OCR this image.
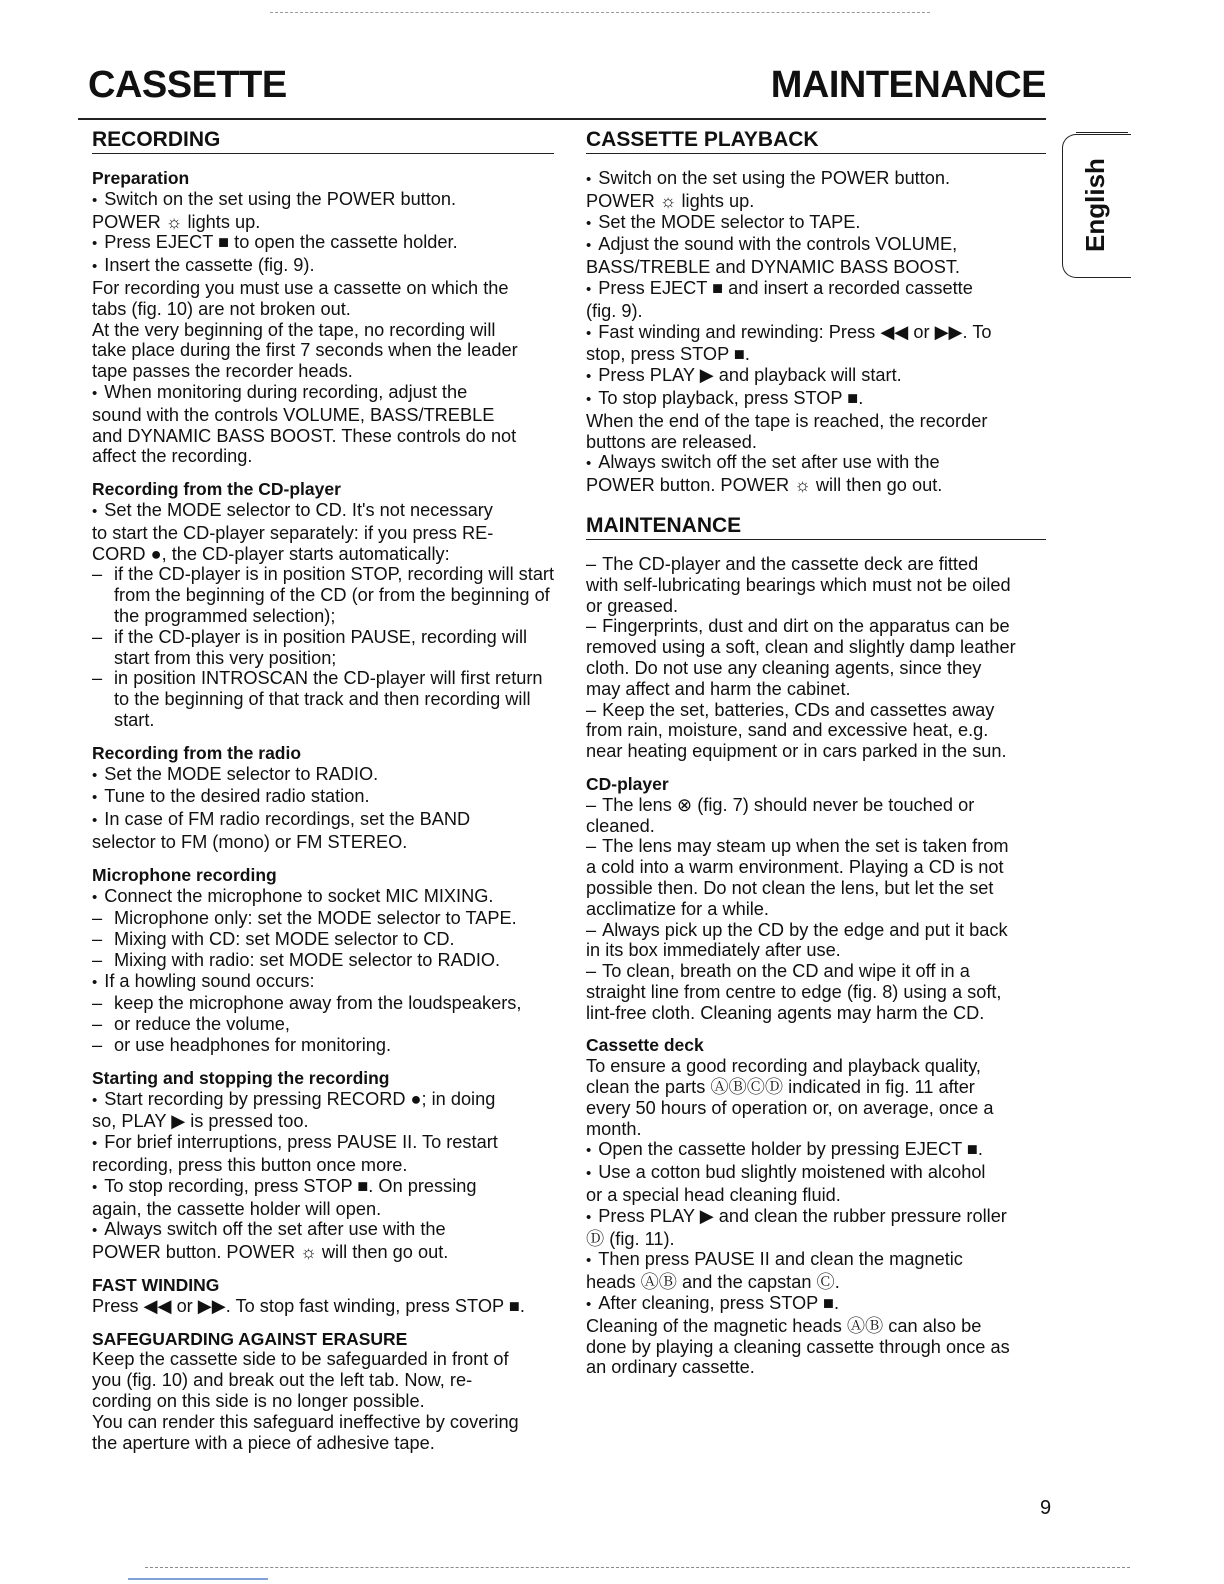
CASSETTE	MAINTENANCE
RECORDING
Preparation

• Switch on the set using the POWER button.

POWER ☼ lights up.

• Press EJECT ■ to open the cassette holder.

• Insert the cassette (fig. 9).

For recording you must use a cassette on which the

tabs (fig. 10) are not broken out.

At the very beginning of the tape, no recording will

take place during the first 7 seconds when the leader

tape passes the recorder heads.

• When monitoring during recording, adjust the

sound with the controls VOLUME, BASS/TREBLE

and DYNAMIC BASS BOOST. These controls do not

affect the recording.

Recording from the CD-player

• Set the MODE selector to CD. It's not necessary

to start the CD-player separately: if you press RE-

CORD ●, the CD-player starts automatically:

– if the CD-player is in position STOP, recording will start from the beginning of the CD (or from the beginning of the programmed selection);

– if the CD-player is in position PAUSE, recording will start from this very position;

– in position INTROSCAN the CD-player will first return to the beginning of that track and then recording will start.

Recording from the radio

• Set the MODE selector to RADIO.

• Tune to the desired radio station.

• In case of FM radio recordings, set the BAND

selector to FM (mono) or FM STEREO.

Microphone recording

• Connect the microphone to socket MIC MIXING.

– Microphone only: set the MODE selector to TAPE.

– Mixing with CD: set MODE selector to CD.

– Mixing with radio: set MODE selector to RADIO.

• If a howling sound occurs:

– keep the microphone away from the loudspeakers,

– or reduce the volume,

– or use headphones for monitoring.

Starting and stopping the recording

• Start recording by pressing RECORD ●; in doing

so, PLAY ▶ is pressed too.

• For brief interruptions, press PAUSE II. To restart

recording, press this button once more.

• To stop recording, press STOP ■. On pressing

again, the cassette holder will open.

• Always switch off the set after use with the

POWER button. POWER ☼ will then go out.

FAST WINDING

Press ◀◀ or ▶▶. To stop fast winding, press STOP ■.

SAFEGUARDING AGAINST ERASURE

Keep the cassette side to be safeguarded in front of

you (fig. 10) and break out the left tab. Now, re-

cording on this side is no longer possible.

You can render this safeguard ineffective by covering

the aperture with a piece of adhesive tape.

CASSETTE PLAYBACK

• Switch on the set using the POWER button.

POWER ☼ lights up.

• Set the MODE selector to TAPE.

• Adjust the sound with the controls VOLUME,

BASS/TREBLE and DYNAMIC BASS BOOST.

• Press EJECT ■ and insert a recorded cassette

(fig. 9).

• Fast winding and rewinding: Press ◀◀ or ▶▶. To

stop, press STOP ■.

• Press PLAY ▶ and playback will start.

• To stop playback, press STOP ■.

When the end of the tape is reached, the recorder

buttons are released.

• Always switch off the set after use with the

POWER button. POWER ☼ will then go out.

MAINTENANCE

– The CD-player and the cassette deck are fitted

with self-lubricating bearings which must not be oiled

or greased.

– Fingerprints, dust and dirt on the apparatus can be

removed using a soft, clean and slightly damp leather

cloth. Do not use any cleaning agents, since they

may affect and harm the cabinet.

– Keep the set, batteries, CDs and cassettes away

from rain, moisture, sand and excessive heat, e.g.

near heating equipment or in cars parked in the sun.

CD-player

– The lens ⊗ (fig. 7) should never be touched or

cleaned.

– The lens may steam up when the set is taken from

a cold into a warm environment. Playing a CD is not

possible then. Do not clean the lens, but let the set

acclimatize for a while.

– Always pick up the CD by the edge and put it back

in its box immediately after use.

– To clean, breath on the CD and wipe it off in a

straight line from centre to edge (fig. 8) using a soft,

lint-free cloth. Cleaning agents may harm the CD.

Cassette deck

To ensure a good recording and playback quality,

clean the parts ⒶⒷⒸⒹ indicated in fig. 11 after

every 50 hours of operation or, on average, once a

month.

• Open the cassette holder by pressing EJECT ■.

• Use a cotton bud slightly moistened with alcohol

or a special head cleaning fluid.

• Press PLAY ▶ and clean the rubber pressure roller

Ⓓ (fig. 11).

• Then press PAUSE II and clean the magnetic

heads ⒶⒷ and the capstan Ⓒ.

• After cleaning, press STOP ■.

Cleaning of the magnetic heads ⒶⒷ can also be

done by playing a cleaning cassette through once as

an ordinary cassette.

English
9
